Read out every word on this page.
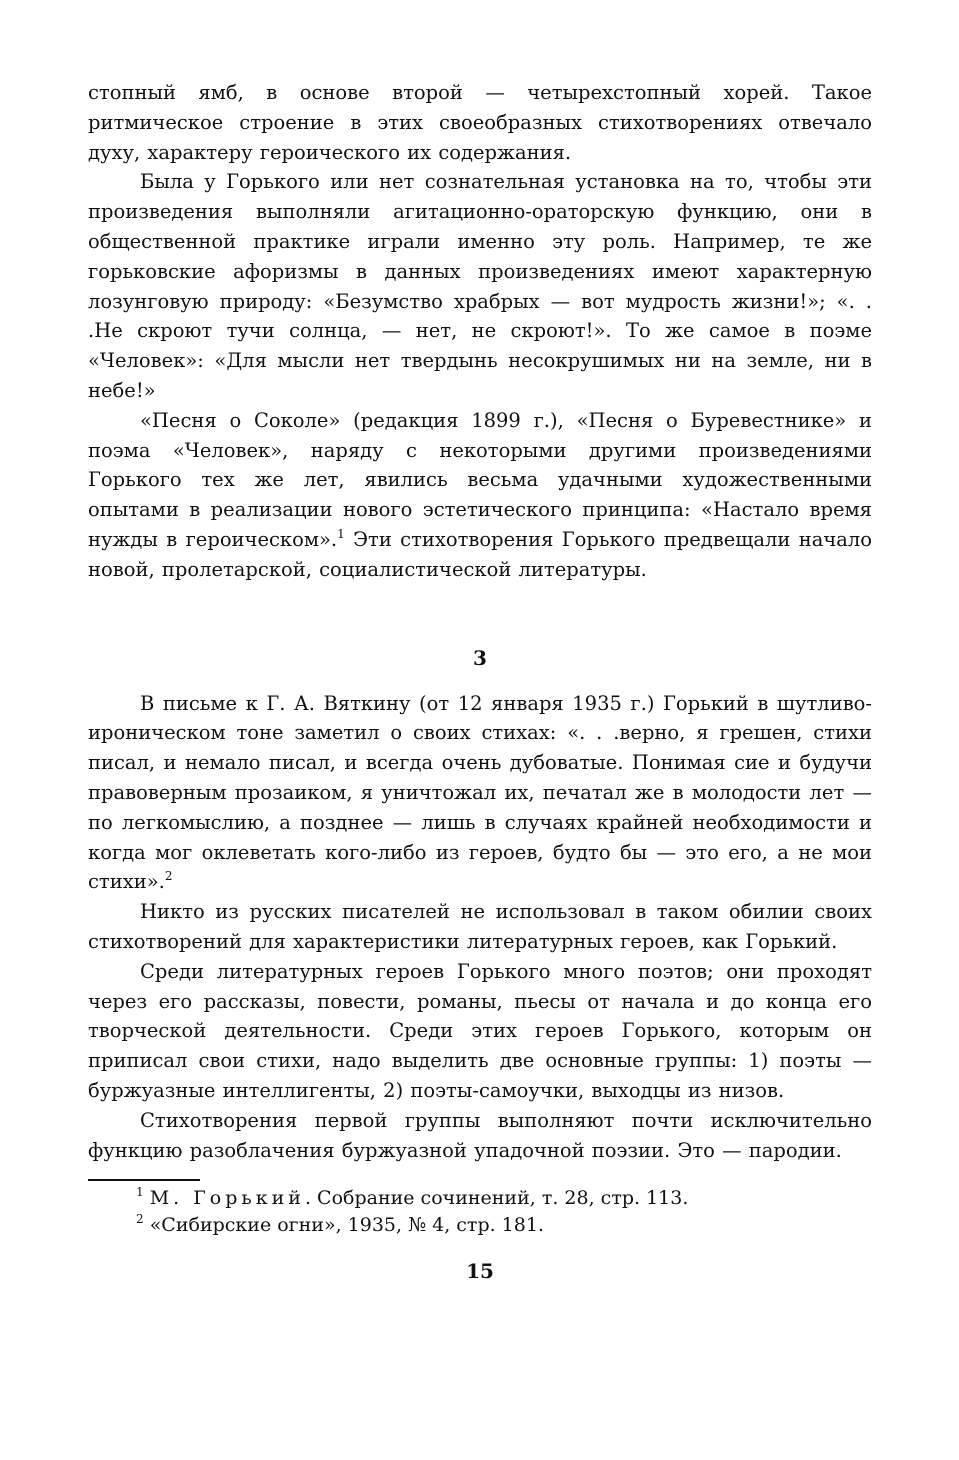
стопный ямб, в основе второй — четырехстопный хорей. Такое ритмическое строение в этих своеобразных стихотворениях отвечало духу, характеру героического их содержания.

Была у Горького или нет сознательная установка на то, чтобы эти произведения выполняли агитационно-ораторскую функцию, они в общественной практике играли именно эту роль. Например, те же горьковские афоризмы в данных произведениях имеют характерную лозунговую природу: «Безумство храбрых — вот мудрость жизни!»; «. . .Не скроют тучи солнца, — нет, не скроют!». То же самое в поэме «Человек»: «Для мысли нет твердынь несокрушимых ни на земле, ни в небе!»

«Песня о Соколе» (редакция 1899 г.), «Песня о Буревестнике» и поэма «Человек», наряду с некоторыми другими произведениями Горького тех же лет, явились весьма удачными художественными опытами в реализации нового эстетического принципа: «Настало время нужды в героическом».$^1$ Эти стихотворения Горького предвещали начало новой, пролетарской, социалистической литературы.

3

В письме к Г. А. Вяткину (от 12 января 1935 г.) Горький в шутливо-ироническом тоне заметил о своих стихах: «. . .верно, я грешен, стихи писал, и немало писал, и всегда очень дубоватые. Понимая сие и будучи правоверным прозаиком, я уничтожал их, печатал же в молодости лет — по легкомыслию, а позднее — лишь в случаях крайней необходимости и когда мог оклеветать кого-либо из героев, будто бы — это его, а не мои стихи».$^2$

Никто из русских писателей не использовал в таком обилии своих стихотворений для характеристики литературных героев, как Горький.

Среди литературных героев Горького много поэтов; они проходят через его рассказы, повести, романы, пьесы от начала и до конца его творческой деятельности. Среди этих героев Горького, которым он приписал свои стихи, надо выделить две основные группы: 1) поэты — буржуазные интеллигенты, 2) поэты-самоучки, выходцы из низов.

Стихотворения первой группы выполняют почти исключительно функцию разоблачения буржуазной упадочной поэзии. Это — пародии.

$^1$ М. Горький. Собрание сочинений, т. 28, стр. 113.

$^2$ «Сибирские огни», 1935, № 4, стр. 181.

15
